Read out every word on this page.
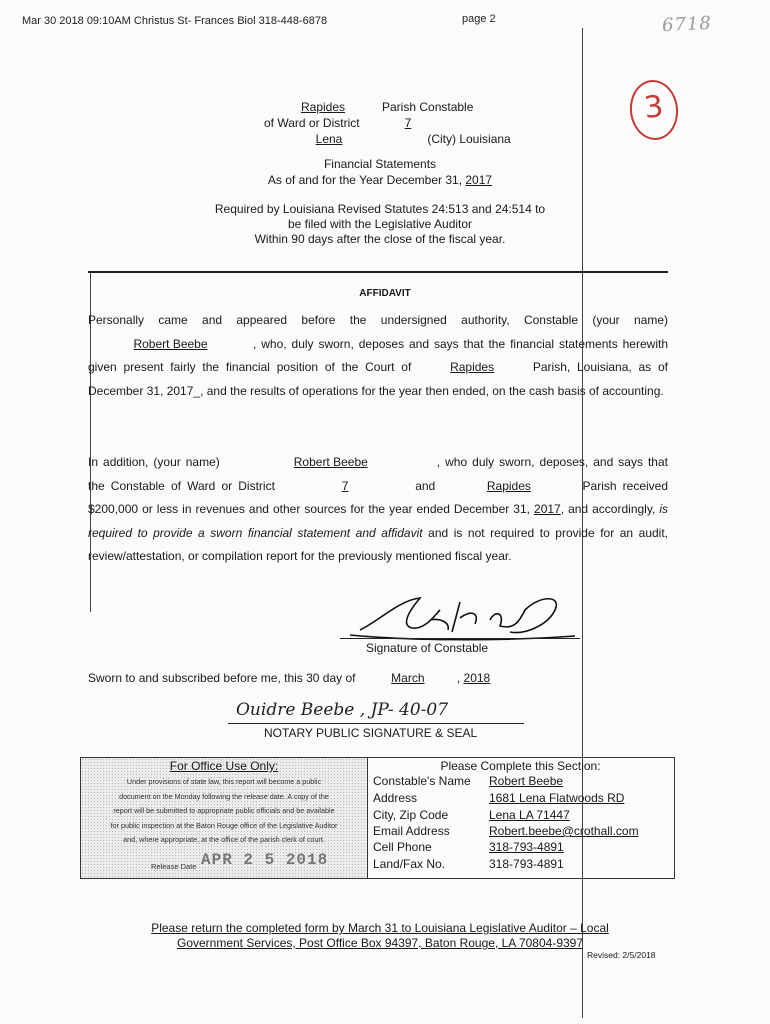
Mar 30 2018 09:10AM Christus St- Frances Biol 318-448-6878	page 2	6718
3
Rapides	Parish Constable
of Ward or District	7
Lena	(City) Louisiana
Financial Statements
As of and for the Year December 31, 2017
Required by Louisiana Revised Statutes 24:513 and 24:514 to
be filed with the Legislative Auditor
Within 90 days after the close of the fiscal year.
AFFIDAVIT

Personally came and appeared before the undersigned authority, Constable (your name) Robert Beebe	, who, duly sworn, deposes and says that the financial statements herewith given present fairly the financial position of the Court of	Rapides	Parish, Louisiana, as of December 31, 2017_, and the results of operations for the year then ended, on the cash basis of accounting.

In addition, (your name)	Robert Beebe	, who duly sworn, deposes, and says that the Constable of Ward or District	7	and	Rapides	Parish received $200,000 or less in revenues and other sources for the year ended December 31, 2017, and accordingly, is required to provide a sworn financial statement and affidavit and is not required to provide for an audit, review/attestation, or compilation report for the previously mentioned fiscal year.

Signature of Constable
Sworn to and subscribed before me, this 30 day of	March	, 2018
Ouidre Beebe , JP- 40-07
NOTARY PUBLIC SIGNATURE & SEAL
For Office Use Only:
Under provisions of state law, this report will become a public
document on the Monday following the release date. A copy of the
report will be submitted to appropriate public officials and be available
for public inspection at the Baton Rouge office of the Legislative Auditor
and, where appropriate, at the office of the parish clerk of court.
Release Date APR 2 5 2018
Please Complete this Section:
Constable's Name Robert Beebe
Address	1681 Lena Flatwoods RD
City, Zip Code	Lena LA 71447
Email Address	Robert.beebe@crothall.com
Cell Phone	318-793-4891
Land/Fax No.	318-793-4891
Please return the completed form by March 31 to Louisiana Legislative Auditor – Local
Government Services, Post Office Box 94397, Baton Rouge, LA 70804-9397
Revised: 2/5/2018
